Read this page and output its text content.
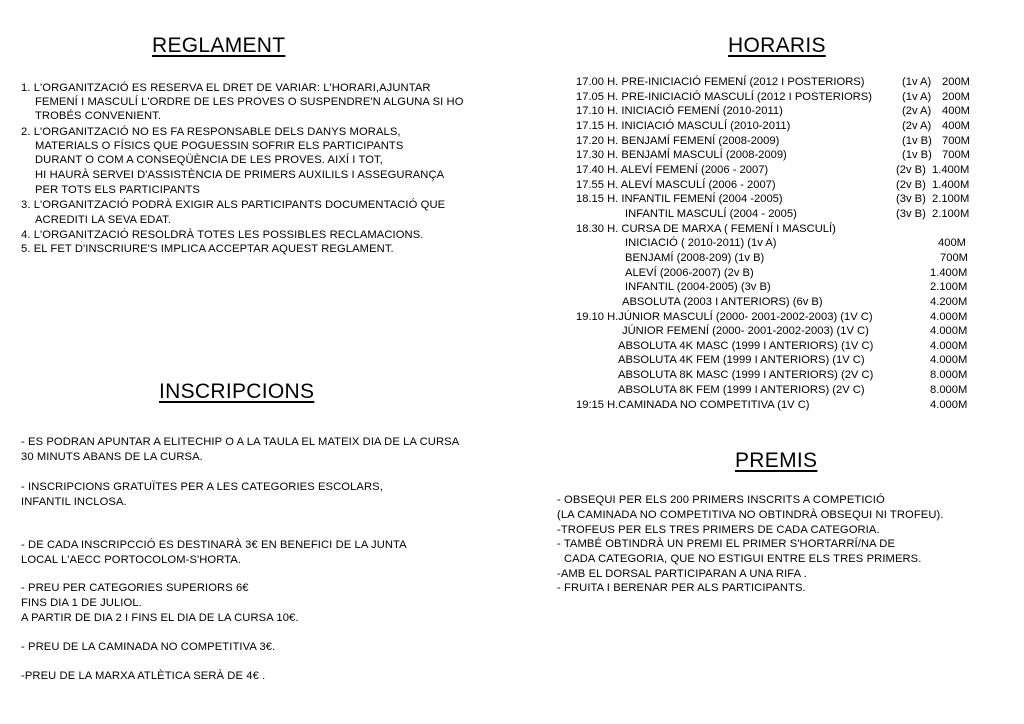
REGLAMENT
1. L'ORGANITZACIÓ ES RESERVA EL DRET DE VARIAR: L'HORARI,AJUNTAR
FEMENÍ I MASCULÍ L'ORDRE DE LES PROVES O SUSPENDRE'N ALGUNA SI HO
TROBÉS CONVENIENT.
2. L'ORGANITZACIÓ NO ES FA RESPONSABLE DELS DANYS MORALS,
MATERIALS O FÍSICS QUE POGUESSIN SOFRIR ELS PARTICIPANTS
DURANT O COM A CONSEQÜÈNCIA DE LES PROVES. AIXÍ I TOT,
HI HAURÀ SERVEI D'ASSISTÈNCIA DE PRIMERS AUXILILS I ASSEGURANÇA
PER TOTS ELS PARTICIPANTS
3. L'ORGANITZACIÓ PODRÀ EXIGIR ALS PARTICIPANTS DOCUMENTACIÓ QUE
ACREDITI LA SEVA EDAT.
4. L'ORGANITZACIÓ RESOLDRÀ TOTES LES POSSIBLES RECLAMACIONS.
5. EL FET D'INSCRIURE'S IMPLICA ACCEPTAR AQUEST REGLAMENT.
INSCRIPCIONS
- ES PODRAN APUNTAR A ELITECHIP O A LA TAULA EL MATEIX DIA DE LA CURSA
30 MINUTS ABANS DE LA CURSA.
- INSCRIPCIONS GRATUÏTES PER A LES CATEGORIES ESCOLARS,
INFANTIL INCLOSA.
- DE CADA INSCRIPCCIÓ ES DESTINARÀ 3€ EN BENEFICI DE LA JUNTA
LOCAL L'AECC PORTOCOLOM-S'HORTA.
- PREU PER CATEGORIES SUPERIORS 6€
FINS DIA 1 DE JULIOL.
A PARTIR DE DIA 2 I FINS EL DIA DE LA CURSA 10€.
- PREU DE LA CAMINADA NO COMPETITIVA 3€.
-PREU DE LA MARXA ATLÈTICA SERÀ DE 4€ .
HORARIS
17.00 H. PRE-INICIACIÓ FEMENÍ (2012 I POSTERIORS)	(1v A) 200M
17.05 H. PRE-INICIACIÓ MASCULÍ (2012 I POSTERIORS)	(1v A) 200M
17.10 H. INICIACIÓ FEMENÍ (2010-2011)	(2v A) 400M
17.15 H. INICIACIÓ MASCULÍ (2010-2011)	(2v A) 400M
17.20 H. BENJAMÍ FEMENÍ (2008-2009)	(1v B) 700M
17.30 H. BENJAMÍ MASCULÍ (2008-2009)	(1v B) 700M
17.40 H. ALEVÍ FEMENÍ (2006 - 2007)	(2v B) 1.400M
17.55 H. ALEVÍ MASCULÍ (2006 - 2007)	(2v B) 1.400M
18.15 H. INFANTIL FEMENÍ (2004 -2005)	(3v B) 2.100M
INFANTIL MASCULÍ (2004 - 2005)	(3v B) 2.100M
18.30 H. CURSA DE MARXA ( FEMENÍ I MASCULÍ)
INICIACIÓ ( 2010-2011) (1v A)	400M
BENJAMÍ (2008-209) (1v B)	700M
ALEVÍ (2006-2007) (2v B)	1.400M
INFANTIL (2004-2005) (3v B)	2.100M
ABSOLUTA (2003 I ANTERIORS) (6v B)	4.200M
19.10 H.JÚNIOR MASCULÍ (2000- 2001-2002-2003) (1V C)	4.000M
JÚNIOR FEMENÍ (2000- 2001-2002-2003) (1V C)	4.000M
ABSOLUTA 4K MASC (1999 I ANTERIORS) (1V C)	4.000M
ABSOLUTA 4K FEM (1999 I ANTERIORS) (1V C)	4.000M
ABSOLUTA 8K MASC (1999 I ANTERIORS) (2V C)	8.000M
ABSOLUTA 8K FEM (1999 I ANTERIORS) (2V C)	8.000M
19:15 H.CAMINADA NO COMPETITIVA (1V C)	4.000M
PREMIS
- OBSEQUI PER ELS 200 PRIMERS INSCRITS A COMPETICIÓ
(LA CAMINADA NO COMPETITIVA NO OBTINDRÀ OBSEQUI NI TROFEU).
-TROFEUS PER ELS TRES PRIMERS DE CADA CATEGORIA.
- TAMBÉ OBTINDRÀ UN PREMI EL PRIMER S'HORTARRÍ/NA DE
CADA CATEGORIA, QUE NO ESTIGUI ENTRE ELS TRES PRIMERS.
-AMB EL DORSAL PARTICIPARAN A UNA RIFA .
- FRUITA I BERENAR PER ALS PARTICIPANTS.
